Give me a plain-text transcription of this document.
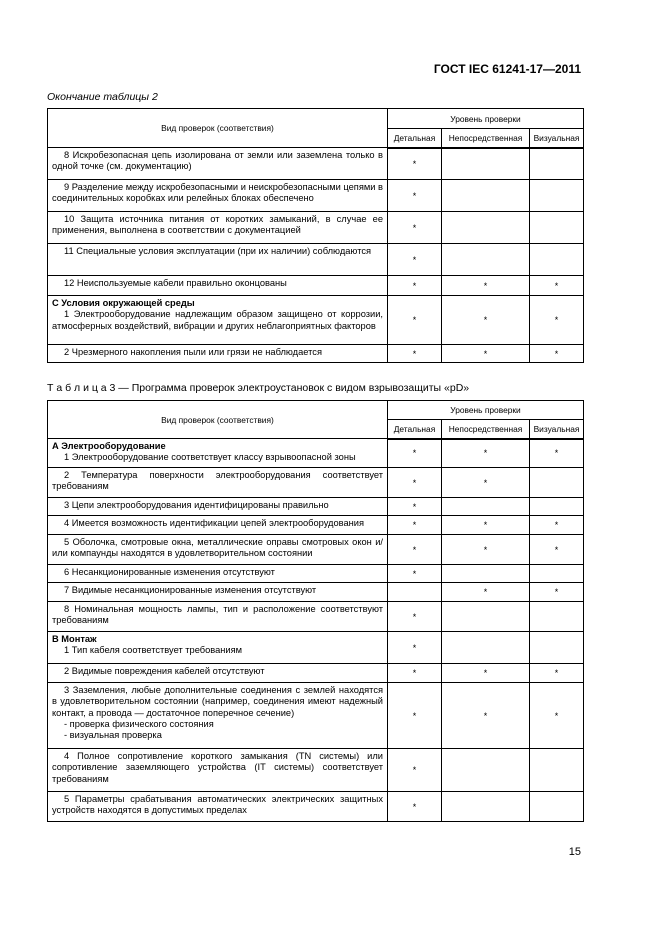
ГОСТ IEC 61241-17—2011
Окончание таблицы 2
Вид проверок (соответствия)	Уровень проверки		
	Детальная	Непосредственная	Визуальная
8 Искробезопасная цепь изолирована от земли или заземлена только в одной точке (см. документацию)	*		
9 Разделение между искробезопасными и неискробезопасными цепями в соединительных коробках или релейных блоках обеспечено	*		
10 Защита источника питания от коротких замыканий, в случае ее применения, выполнена в соответствии с документацией	*		
11 Специальные условия эксплуатации (при их наличии) соблюдаются	*		
12 Неиспользуемые кабели правильно оконцованы	*	*	*

С Условия окружающей среды
1 Электрооборудование надлежащим образом защищено от коррозии, атмосферных воздействий, вибрации и других неблагоприятных факторов	*	*	*
2 Чрезмерного накопления пыли или грязи не наблюдается	*	*	*
Т а б л и ц а 3 — Программа проверок электроустановок с видом взрывозащиты «pD»
Вид проверок (соответствия)	Уровень проверки		
	Детальная	Непосредственная	Визуальная

А Электрооборудование
1 Электрооборудование соответствует классу взрывоопасной зоны	*	*	*
2 Температура поверхности электрооборудования соответствует требованиям	*	*	
3 Цепи электрооборудования идентифицированы правильно	*		
4 Имеется возможность идентификации цепей электрооборудования	*	*	*
5 Оболочка, смотровые окна, металлические оправы смотровых окон и/или компаунды находятся в удовлетворительном состоянии	*	*	*
6 Несанкционированные изменения отсутствуют	*		
7 Видимые несанкционированные изменения отсутствуют		*	*
8 Номинальная мощность лампы, тип и расположение соответствуют требованиям	*		

В Монтаж
1 Тип кабеля соответствует требованиям	*		
2 Видимые повреждения кабелей отсутствуют	*	*	*

3 Заземления, любые дополнительные соединения с землей находятся в удовлетворительном состоянии (например, соединения имеют надежный контакт, а провода — достаточное поперечное сечение)
- проверка физического состояния
- визуальная проверка	*	*	*
4 Полное сопротивление короткого замыкания (TN системы) или сопротивление заземляющего устройства (IT системы) соответствует требованиям	*		
5 Параметры срабатывания автоматических электрических защитных устройств находятся в допустимых пределах	*		
15
